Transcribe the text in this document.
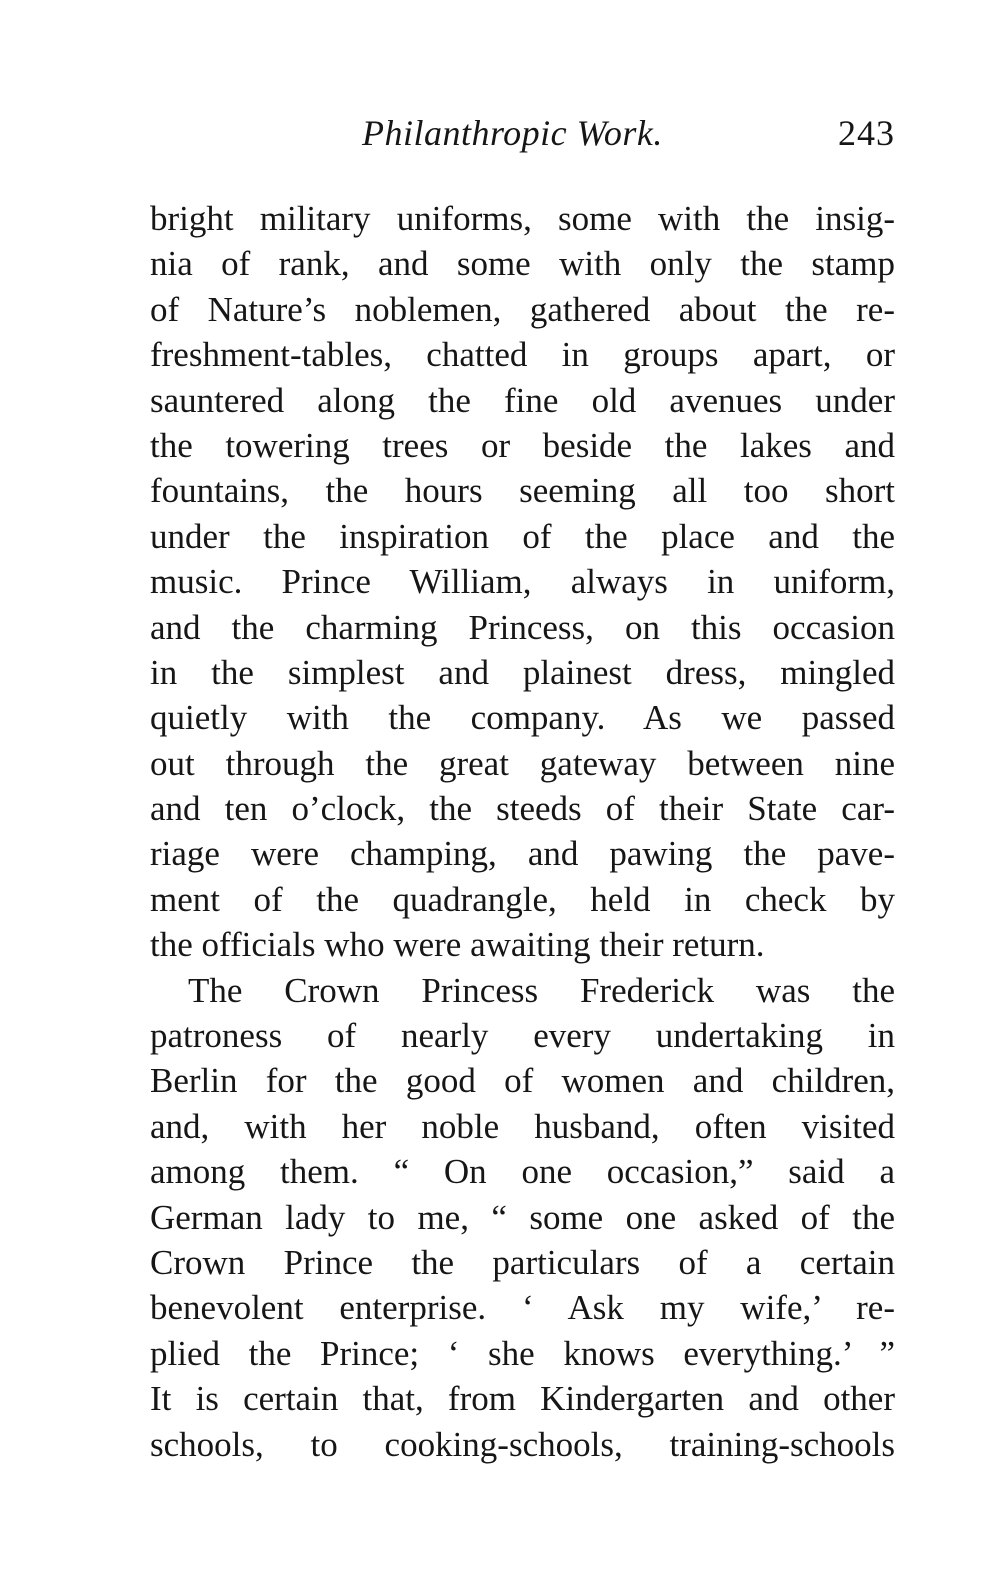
Philanthropic Work.	243
bright military uniforms, some with the insig-
nia of rank, and some with only the stamp
of Nature’s noblemen, gathered about the re-
freshment-tables, chatted in groups apart, or
sauntered along the fine old avenues under
the towering trees or beside the lakes and
fountains, the hours seeming all too short
under the inspiration of the place and the
music. Prince William, always in uniform,
and the charming Princess, on this occasion
in the simplest and plainest dress, mingled
quietly with the company. As we passed
out through the great gateway between nine
and ten o’clock, the steeds of their State car-
riage were champing, and pawing the pave-
ment of the quadrangle, held in check by
the officials who were awaiting their return.
The Crown Princess Frederick was the
patroness of nearly every undertaking in
Berlin for the good of women and children,
and, with her noble husband, often visited
among them. “ On one occasion,” said a
German lady to me, “ some one asked of the
Crown Prince the particulars of a certain
benevolent enterprise. ‘ Ask my wife,’ re-
plied the Prince; ‘ she knows everything.’ ”
It is certain that, from Kindergarten and other
schools, to cooking-schools, training-schools
